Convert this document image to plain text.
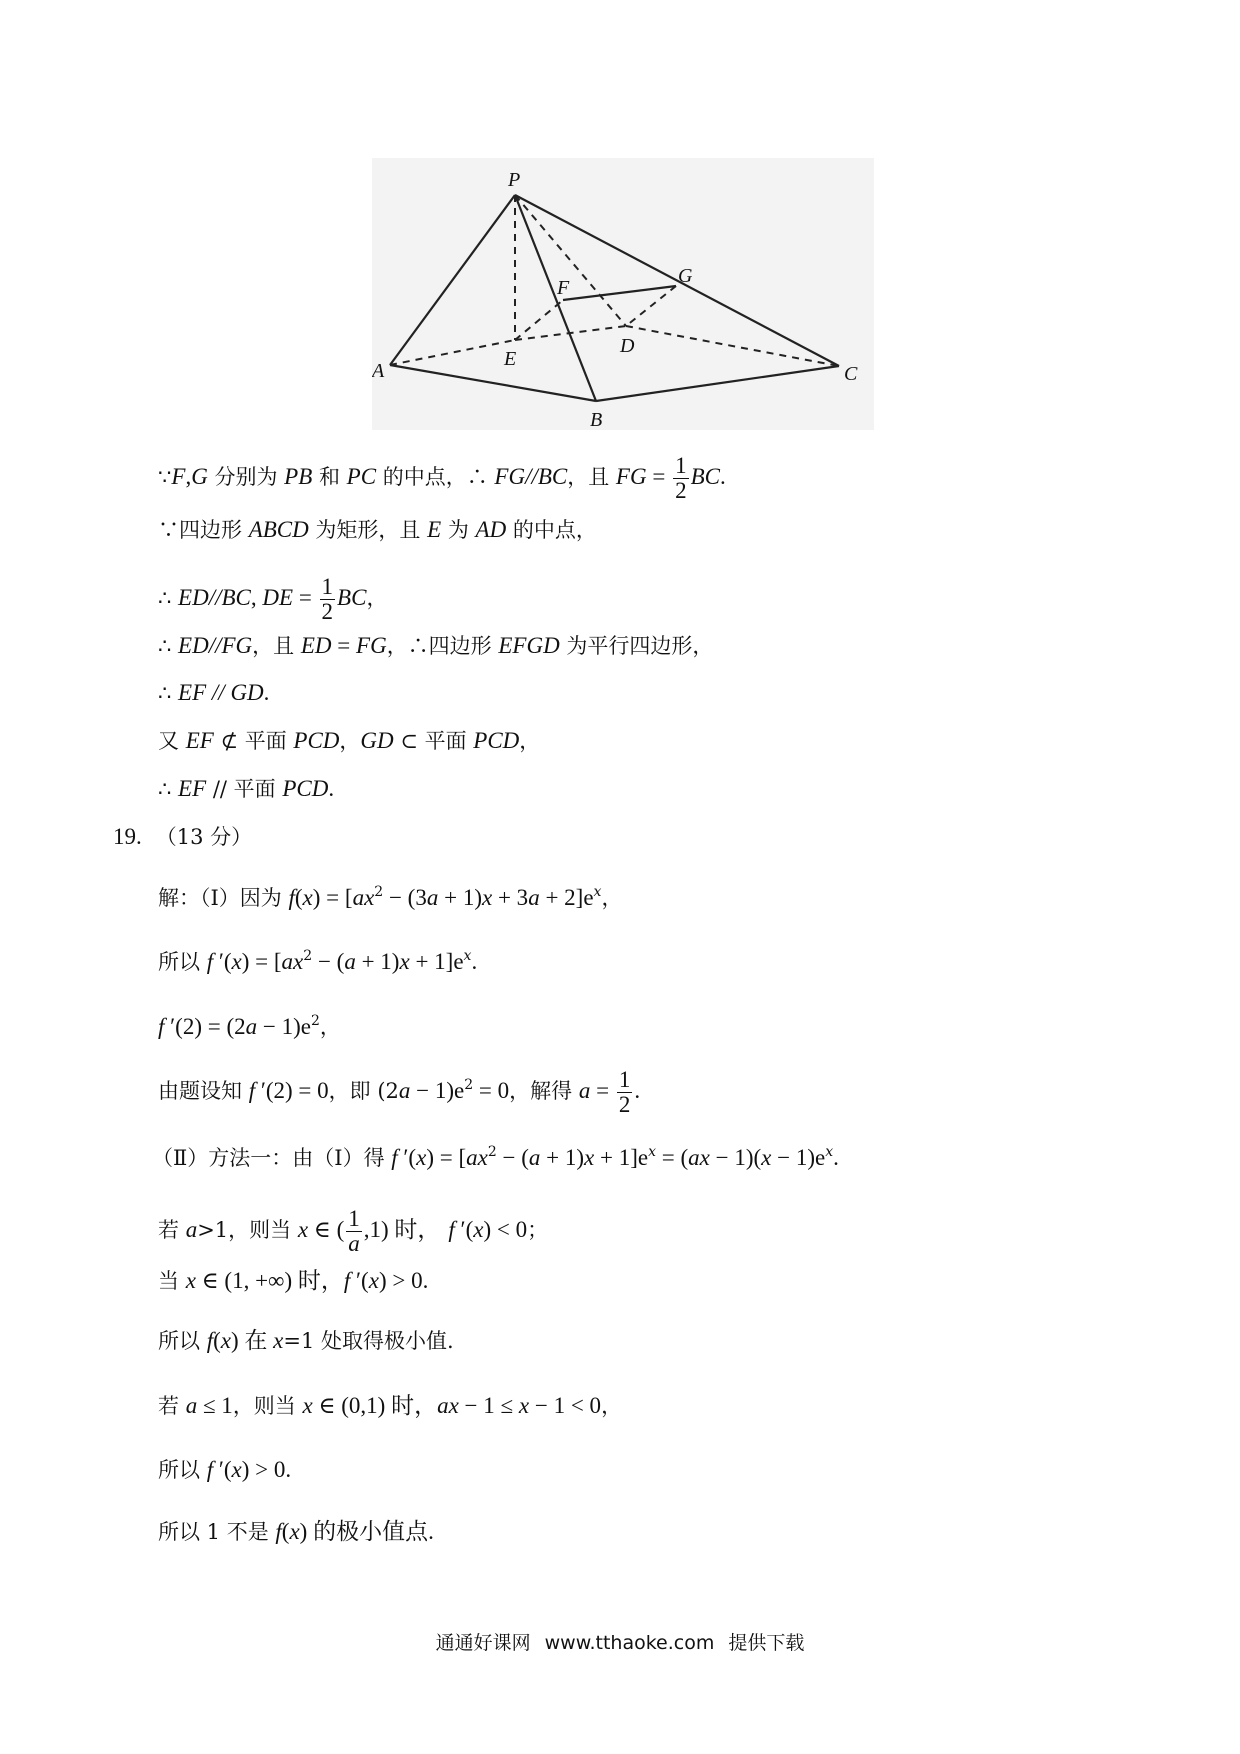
P
A
B
C
D
E
F
G
∵F,G 分别为 PB 和 PC 的中点，∴ FG//BC，且 FG = $\frac{1}{2}$ BC.
∵四边形 ABCD 为矩形，且 E 为 AD 的中点，
∴ ED//BC, DE = $\frac{1}{2}$ BC，
∴ ED//FG，且 ED = FG，∴四边形 EFGD 为平行四边形，
∴ EF // GD.
又 EF ⊄ 平面 PCD，GD ⊂ 平面 PCD，
∴ EF // 平面 PCD.
19. （13 分）
解：（Ⅰ）因为 $f(x) = [ax^2 - (3a + 1)x + 3a + 2]e^x$，
所以 f $'(x) = [ax^2 - (a + 1)x + 1]e^x$.
f $'(2) = (2a - 1)e^2$，
由题设知 f ′(2) = 0，即 $(2a - 1)e^2 = 0$，解得 $a = \frac{1}{2}$ .
（Ⅱ）方法一：由（Ⅰ）得 f $'(x) = [ax^2 - (a + 1)x + 1]e^x = (ax - 1)(x - 1)e^x$.
若 a>1，则当 x ∈ ( $\frac{1}{a} ,1$) 时， f ′(x) < 0；
当 x ∈ (1, +∞) 时，f ′(x) > 0.
所以 f(x) 在 x=1 处取得极小值.
若 a ≤ 1，则当 x ∈ (0,1) 时，ax − 1 ≤ x − 1 < 0，
所以 f ′(x) > 0.
所以 1 不是 f(x) 的极小值点.
通通好课网 www.tthaoke.com 提供下载
